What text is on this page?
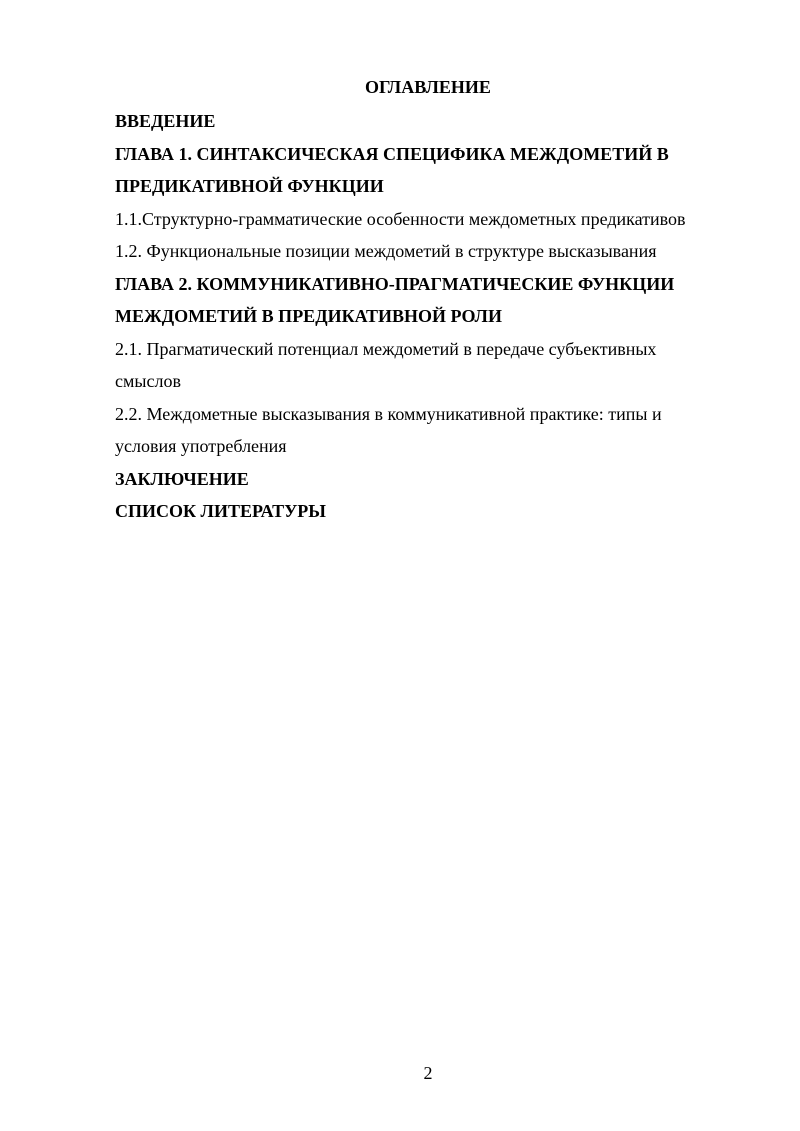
ОГЛАВЛЕНИЕ
ВВЕДЕНИЕ
ГЛАВА 1. СИНТАКСИЧЕСКАЯ СПЕЦИФИКА МЕЖДОМЕТИЙ В ПРЕДИКАТИВНОЙ ФУНКЦИИ
1.1.Структурно-грамматические особенности междометных предикативов
1.2. Функциональные позиции междометий в структуре высказывания
ГЛАВА 2. КОММУНИКАТИВНО-ПРАГМАТИЧЕСКИЕ ФУНКЦИИ МЕЖДОМЕТИЙ В ПРЕДИКАТИВНОЙ РОЛИ
2.1. Прагматический потенциал междометий в передаче субъективных смыслов
2.2. Междометные высказывания в коммуникативной практике: типы и условия употребления
ЗАКЛЮЧЕНИЕ
СПИСОК ЛИТЕРАТУРЫ
2
